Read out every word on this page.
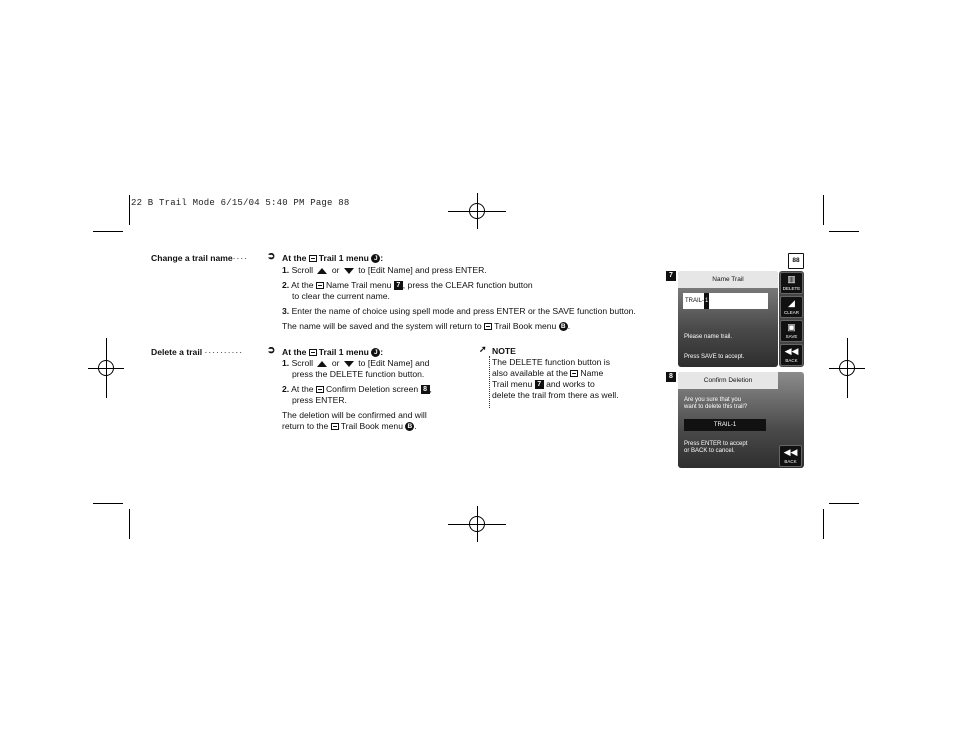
22 B Trail Mode 6/15/04 5:40 PM Page 88
88
Change a trail name···· ➲ At the Trail 1 menu J :
1. Scroll or to [Edit Name] and press ENTER.
2. At the Name Trail menu 7 , press the CLEAR function button
to clear the current name.
3. Enter the name of choice using spell mode and press ENTER or the SAVE function button.
The name will be saved and the system will return to Trail Book menu B .
Delete a trail ·········· ➲ At the Trail 1 menu J :
1. Scroll or to [Edit Name] and
press the DELETE function button.
2. At the Confirm Deletion screen 8 ,
press ENTER.
The deletion will be confirmed and will
return to the Trail Book menu B .
➚ NOTE
The DELETE function button is
also available at the Name
Trail menu 7 and works to
delete the trail from there as well.
7
Name Trail
TRAIL-1
Please name trail.
Press SAVE to accept.
▥
DELETE
◢
CLEAR
▣
SAVE
◀◀
BACK
8
Confirm Deletion
Are you sure that you
want to delete this trail?
TRAIL-1
Press ENTER to accept
or BACK to cancel.	◀◀
BACK
